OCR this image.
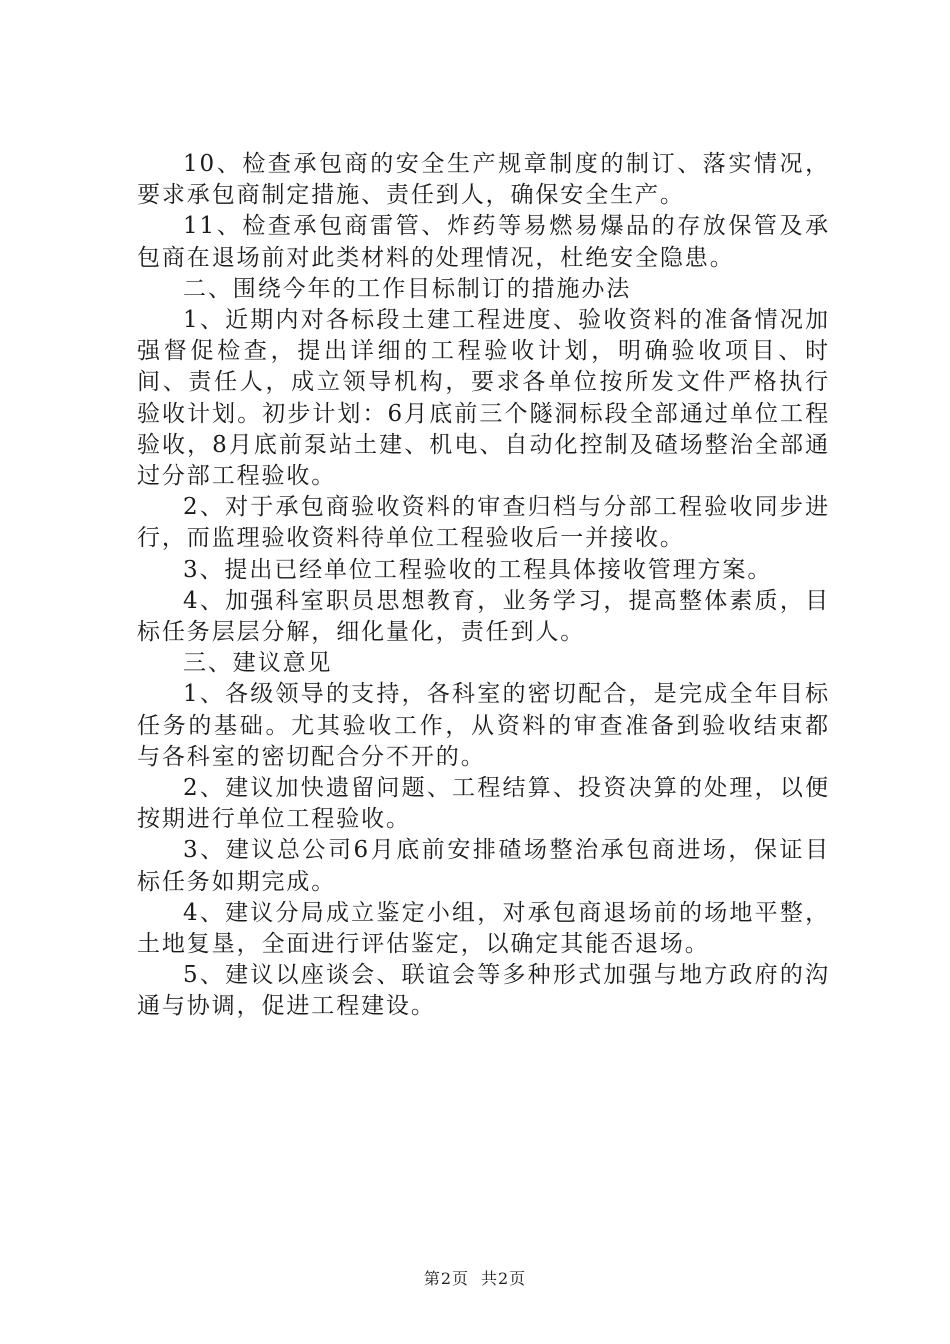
10、检查承包商的安全生产规章制度的制订、落实情况，要求承包商制定措施、责任到人，确保安全生产。

11、检查承包商雷管、炸药等易燃易爆品的存放保管及承包商在退场前对此类材料的处理情况，杜绝安全隐患。

二、围绕今年的工作目标制订的措施办法

1、近期内对各标段土建工程进度、验收资料的准备情况加强督促检查，提出详细的工程验收计划，明确验收项目、时间、责任人，成立领导机构，要求各单位按所发文件严格执行验收计划。初步计划：6月底前三个隧洞标段全部通过单位工程验收，8月底前泵站土建、机电、自动化控制及碴场整治全部通过分部工程验收。

2、对于承包商验收资料的审查归档与分部工程验收同步进行，而监理验收资料待单位工程验收后一并接收。

3、提出已经单位工程验收的工程具体接收管理方案。

4、加强科室职员思想教育，业务学习，提高整体素质，目标任务层层分解，细化量化，责任到人。

三、建议意见

1、各级领导的支持，各科室的密切配合，是完成全年目标任务的基础。尤其验收工作，从资料的审查准备到验收结束都与各科室的密切配合分不开的。

2、建议加快遗留问题、工程结算、投资决算的处理，以便按期进行单位工程验收。

3、建议总公司6月底前安排碴场整治承包商进场，保证目标任务如期完成。

4、建议分局成立鉴定小组，对承包商退场前的场地平整，土地复垦，全面进行评估鉴定，以确定其能否退场。

5、建议以座谈会、联谊会等多种形式加强与地方政府的沟通与协调，促进工程建设。

第2页 共2页
